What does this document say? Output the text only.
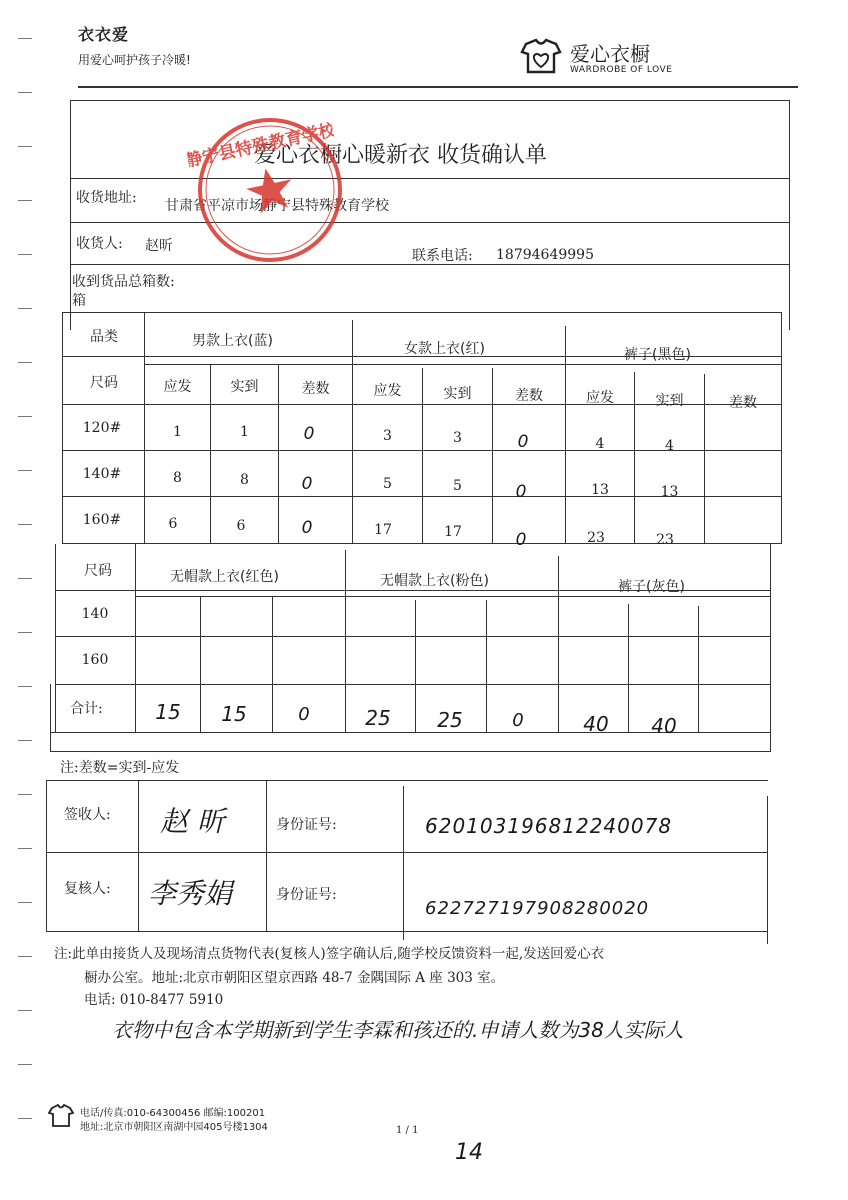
衣衣爱
用爱心呵护孩子冷暖!	爱心衣橱
WARDROBE OF LOVE
爱心衣橱心暖新衣 收货确认单
收货地址: 甘肃省平凉市场静宁县特殊教育学校
收货人: 赵昕
联系电话: 18794649995
收到货品总箱数:
箱
静宁县特殊教育学校
品类
尺码
男款上衣(蓝)	女款上衣(红)	裤子(黑色)
应发	实到	差数	应发	实到	差数	应发	实到	差数
120#	1	1	0	3	3	0	4	4
140#	8	8	0	5	5	0	13	13
160#	6	6	0	17	17	0	23	23
尺码	无帽款上衣(红色)	无帽款上衣(粉色)	裤子(灰色)
140
160
合计:	15	15	0	25	25	0	40	40
注:差数=实到-应发
签收人: 赵 昕	身份证号:	620103196812240078
复核人: 李秀娟	身份证号:
622727197908280020
注:此单由接货人及现场清点货物代表(复核人)签字确认后,随学校反馈资料一起,发送回爱心衣
橱办公室。地址:北京市朝阳区望京西路 48-7 金隅国际 A 座 303 室。
电话: 010-8477 5910
衣物中包含本学期新到学生李霖和孩还的.申请人数为38人实际人
电话/传真:010-64300456 邮编:100201
地址:北京市朝阳区南湖中园405号楼1304	1 / 1
14
